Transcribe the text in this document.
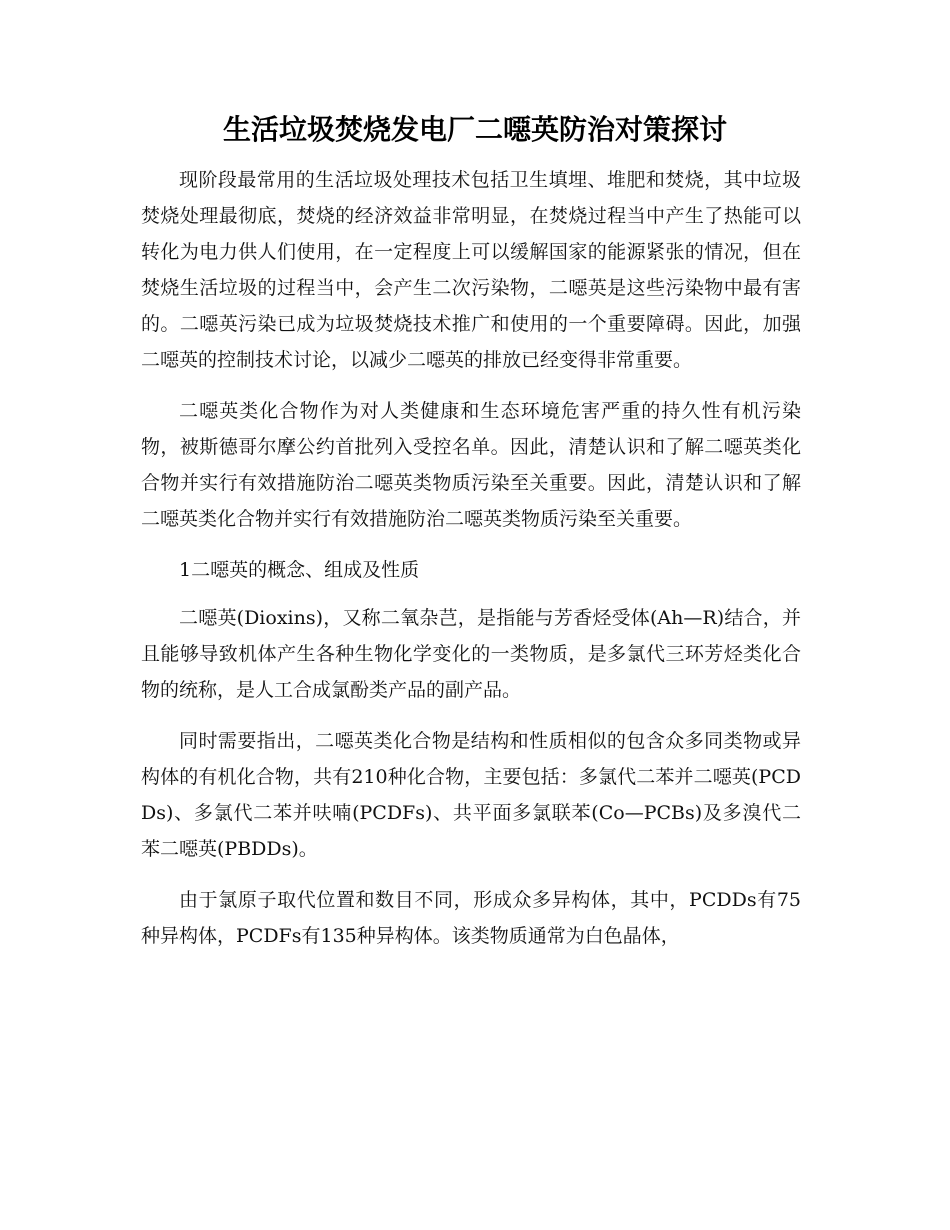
生活垃圾焚烧发电厂二噁英防治对策探讨

现阶段最常用的生活垃圾处理技术包括卫生填埋、堆肥和焚烧，其中垃圾焚烧处理最彻底，焚烧的经济效益非常明显，在焚烧过程当中产生了热能可以转化为电力供人们使用，在一定程度上可以缓解国家的能源紧张的情况，但在焚烧生活垃圾的过程当中，会产生二次污染物，二噁英是这些污染物中最有害的。二噁英污染已成为垃圾焚烧技术推广和使用的一个重要障碍。因此，加强二噁英的控制技术讨论，以减少二噁英的排放已经变得非常重要。

二噁英类化合物作为对人类健康和生态环境危害严重的持久性有机污染物，被斯德哥尔摩公约首批列入受控名单。因此，清楚认识和了解二噁英类化合物并实行有效措施防治二噁英类物质污染至关重要。因此，清楚认识和了解二噁英类化合物并实行有效措施防治二噁英类物质污染至关重要。

1二噁英的概念、组成及性质

二噁英(Dioxins)，又称二氧杂芑，是指能与芳香烃受体(Ah—R)结合，并且能够导致机体产生各种生物化学变化的一类物质，是多氯代三环芳烃类化合物的统称，是人工合成氯酚类产品的副产品。

同时需要指出，二噁英类化合物是结构和性质相似的包含众多同类物或异构体的有机化合物，共有210种化合物，主要包括：多氯代二苯并二噁英(PCDDs)、多氯代二苯并呋喃(PCDFs)、共平面多氯联苯(Co—PCBs)及多溴代二苯二噁英(PBDDs)。

由于氯原子取代位置和数目不同，形成众多异构体，其中，PCDDs有75种异构体，PCDFs有135种异构体。该类物质通常为白色晶体，
